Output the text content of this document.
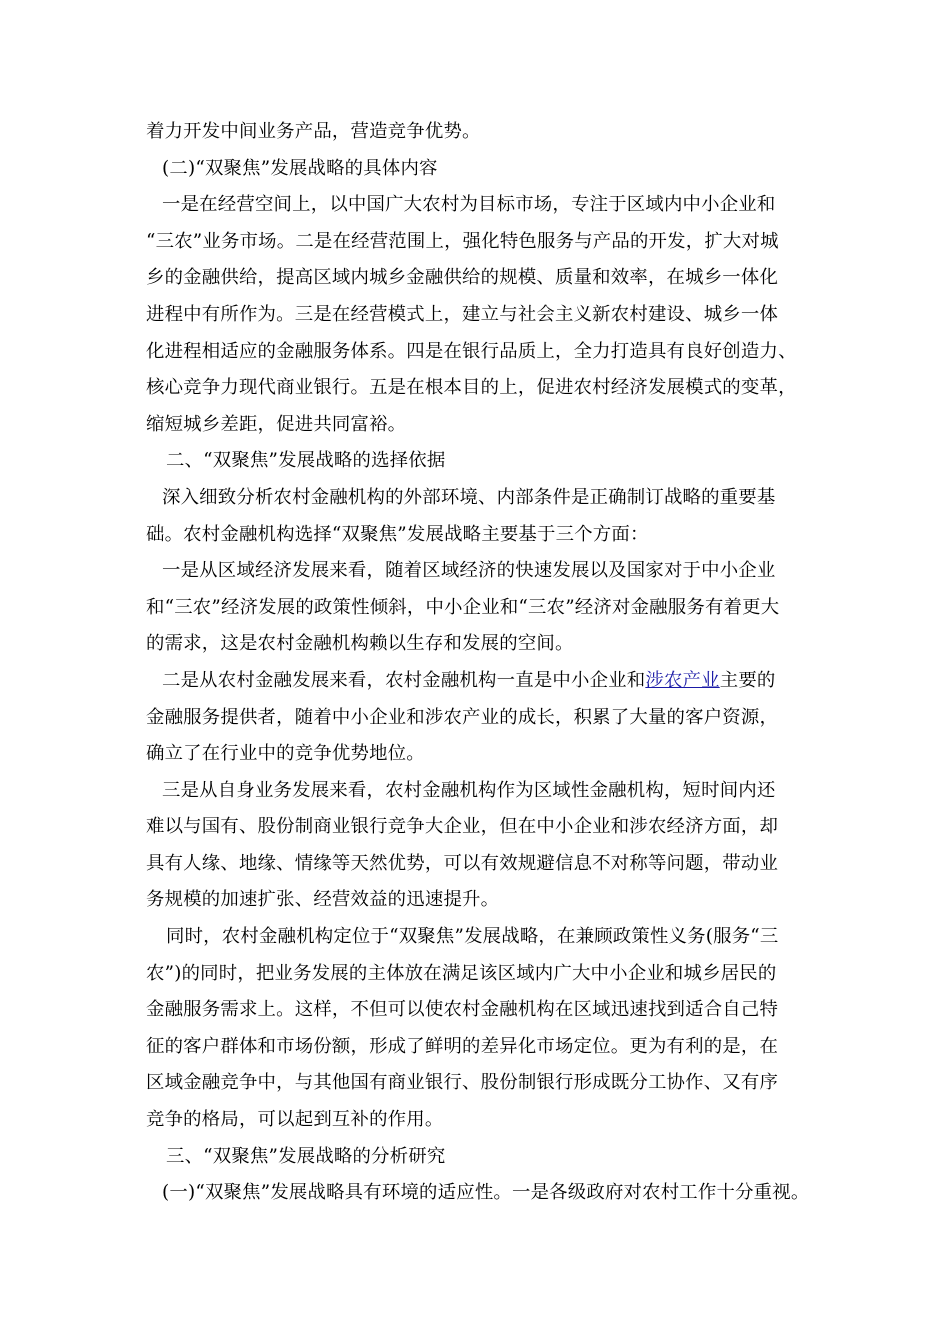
着力开发中间业务产品，营造竞争优势。
(二)“双聚焦”发展战略的具体内容
一是在经营空间上，以中国广大农村为目标市场，专注于区域内中小企业和
“三农”业务市场。二是在经营范围上，强化特色服务与产品的开发，扩大对城
乡的金融供给，提高区域内城乡金融供给的规模、质量和效率，在城乡一体化
进程中有所作为。三是在经营模式上，建立与社会主义新农村建设、城乡一体
化进程相适应的金融服务体系。四是在银行品质上，全力打造具有良好创造力、
核心竞争力现代商业银行。五是在根本目的上，促进农村经济发展模式的变革，
缩短城乡差距，促进共同富裕。
二、“双聚焦”发展战略的选择依据
深入细致分析农村金融机构的外部环境、内部条件是正确制订战略的重要基
础。农村金融机构选择“双聚焦”发展战略主要基于三个方面：
一是从区域经济发展来看，随着区域经济的快速发展以及国家对于中小企业
和“三农”经济发展的政策性倾斜，中小企业和“三农”经济对金融服务有着更大
的需求，这是农村金融机构赖以生存和发展的空间。
二是从农村金融发展来看，农村金融机构一直是中小企业和涉农产业主要的
金融服务提供者，随着中小企业和涉农产业的成长，积累了大量的客户资源，
确立了在行业中的竞争优势地位。
三是从自身业务发展来看，农村金融机构作为区域性金融机构，短时间内还
难以与国有、股份制商业银行竞争大企业，但在中小企业和涉农经济方面，却
具有人缘、地缘、情缘等天然优势，可以有效规避信息不对称等问题，带动业
务规模的加速扩张、经营效益的迅速提升。
同时，农村金融机构定位于“双聚焦”发展战略，在兼顾政策性义务(服务“三
农”)的同时，把业务发展的主体放在满足该区域内广大中小企业和城乡居民的
金融服务需求上。这样，不但可以使农村金融机构在区域迅速找到适合自己特
征的客户群体和市场份额，形成了鲜明的差异化市场定位。更为有利的是，在
区域金融竞争中，与其他国有商业银行、股份制银行形成既分工协作、又有序
竞争的格局，可以起到互补的作用。
三、“双聚焦”发展战略的分析研究
(一)“双聚焦”发展战略具有环境的适应性。一是各级政府对农村工作十分重视。
